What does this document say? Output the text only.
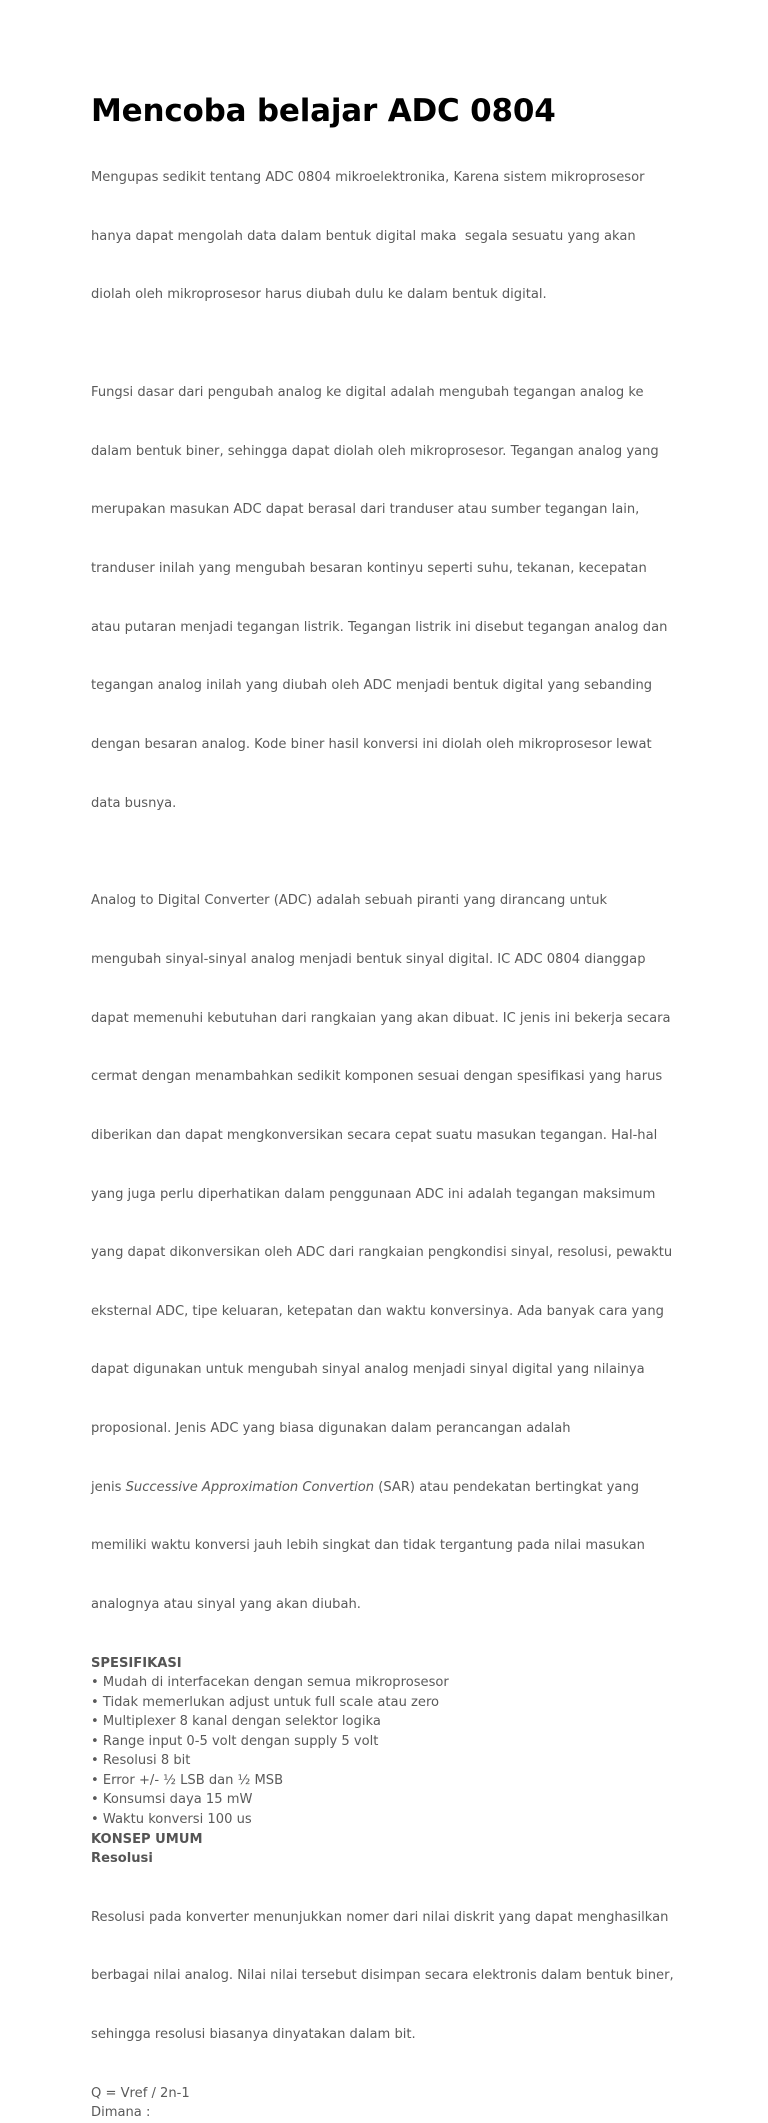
Mencoba belajar ADC 0804

Mengupas sedikit tentang ADC 0804 mikroelektronika, Karena sistem mikroprosesor

hanya dapat mengolah data dalam bentuk digital maka  segala sesuatu yang akan

diolah oleh mikroprosesor harus diubah dulu ke dalam bentuk digital.

Fungsi dasar dari pengubah analog ke digital adalah mengubah tegangan analog ke

dalam bentuk biner, sehingga dapat diolah oleh mikroprosesor. Tegangan analog yang

merupakan masukan ADC dapat berasal dari tranduser atau sumber tegangan lain,

tranduser inilah yang mengubah besaran kontinyu seperti suhu, tekanan, kecepatan

atau putaran menjadi tegangan listrik. Tegangan listrik ini disebut tegangan analog dan

tegangan analog inilah yang diubah oleh ADC menjadi bentuk digital yang sebanding

dengan besaran analog. Kode biner hasil konversi ini diolah oleh mikroprosesor lewat

data busnya.

Analog to Digital Converter (ADC) adalah sebuah piranti yang dirancang untuk

mengubah sinyal-sinyal analog menjadi bentuk sinyal digital. IC ADC 0804 dianggap

dapat memenuhi kebutuhan dari rangkaian yang akan dibuat. IC jenis ini bekerja secara

cermat dengan menambahkan sedikit komponen sesuai dengan spesifikasi yang harus

diberikan dan dapat mengkonversikan secara cepat suatu masukan tegangan. Hal-hal

yang juga perlu diperhatikan dalam penggunaan ADC ini adalah tegangan maksimum

yang dapat dikonversikan oleh ADC dari rangkaian pengkondisi sinyal, resolusi, pewaktu

eksternal ADC, tipe keluaran, ketepatan dan waktu konversinya. Ada banyak cara yang

dapat digunakan untuk mengubah sinyal analog menjadi sinyal digital yang nilainya

proposional. Jenis ADC yang biasa digunakan dalam perancangan adalah

jenis Successive Approximation Convertion (SAR) atau pendekatan bertingkat yang

memiliki waktu konversi jauh lebih singkat dan tidak tergantung pada nilai masukan

analognya atau sinyal yang akan diubah.

SPESIFIKASI

• Mudah di interfacekan dengan semua mikroprosesor
• Tidak memerlukan adjust untuk full scale atau zero
• Multiplexer 8 kanal dengan selektor logika
• Range input 0-5 volt dengan supply 5 volt
• Resolusi 8 bit
• Error +/- ½ LSB dan ½ MSB
• Konsumsi daya 15 mW
• Waktu konversi 100 us

KONSEP UMUM

Resolusi

Resolusi pada konverter menunjukkan nomer dari nilai diskrit yang dapat menghasilkan

berbagai nilai analog. Nilai nilai tersebut disimpan secara elektronis dalam bentuk biner,

sehingga resolusi biasanya dinyatakan dalam bit.

Q = Vref / 2n-1

Dimana :
